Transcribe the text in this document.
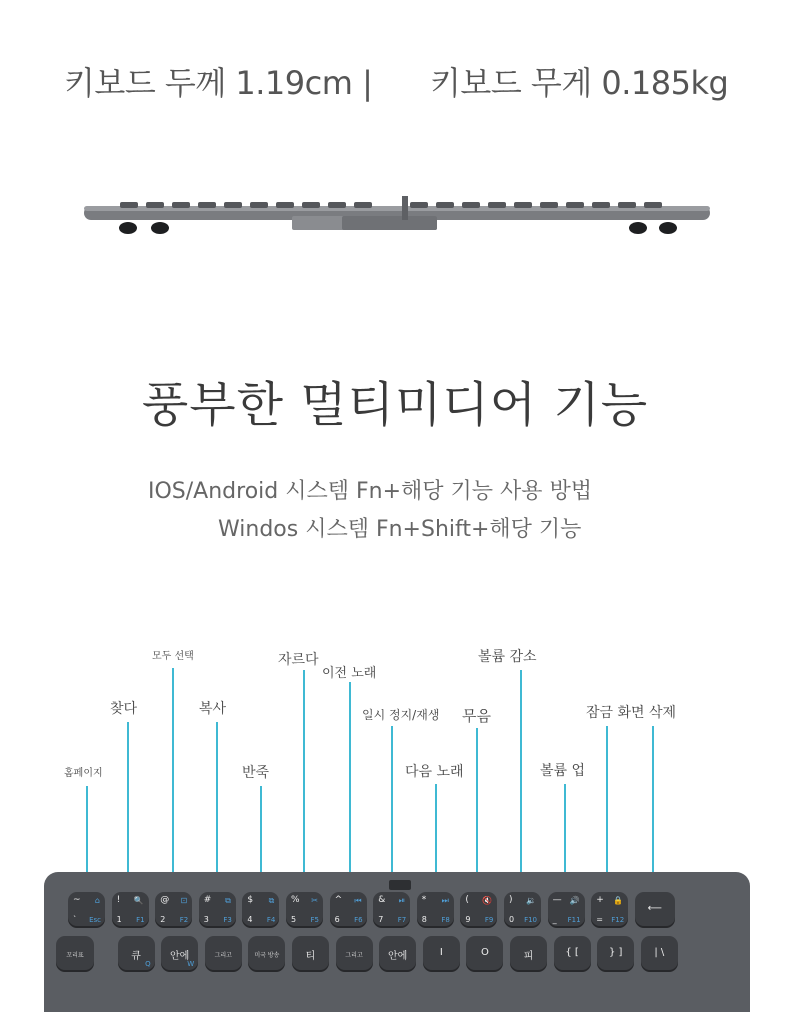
키보드 두께 1.19cm | 키보드 무게 0.185kg
풍부한 멀티미디어 기능
IOS/Android 시스템 Fn+해당 기능 사용 방법
Windos 시스템 Fn+Shift+해당 기능
홈페이지
찾다
모두 선택
복사
반죽
자르다
이전 노래
일시 정지/재생
다음 노래
무음
볼륨 감소
볼륨 업
잠금 화면 삭제
~ ⌂
` Esc
! 🔍
1 F1
@ ⊡
2 F2
# ⧉
3 F3
$ ⧉
4 F4
% ✂
5 F5
^ ⏮
6 F6
& ⏯
7 F7
* ⏭
8 F8
( 🔇
9 F9
) 🔉
0 F10
— 🔊
_ F11
+ 🔒
= F12
⟵
꼬리표	큐
Q
안에
W
그리고	미국 방송	티	그리고	안에	I	O	피	{ [	} ]	| \
